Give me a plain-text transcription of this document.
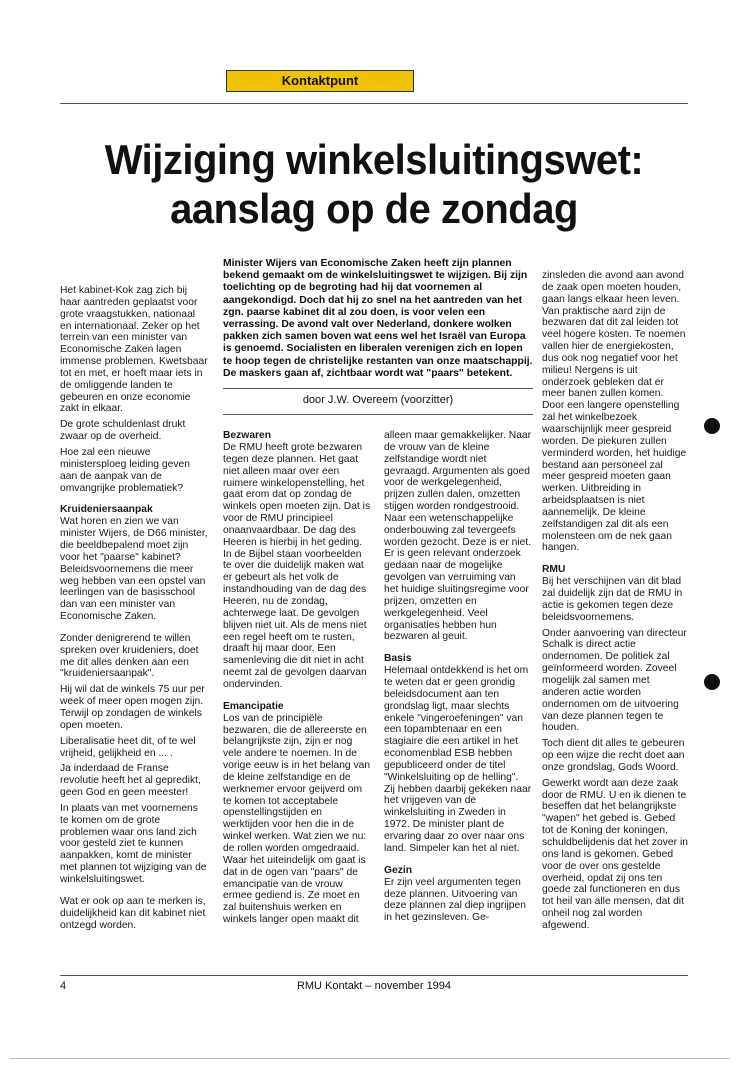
Kontaktpunt
Wijziging winkelsluitingswet:
aanslag op de zondag
Minister Wijers van Economische Zaken heeft zijn plannen bekend gemaakt om de winkelsluitingswet te wijzigen. Bij zijn toelichting op de begroting had hij dat voornemen al aangekondigd. Doch dat hij zo snel na het aantreden van het zgn. paarse kabinet dit al zou doen, is voor velen een verrassing. De avond valt over Nederland, donkere wolken pakken zich samen boven wat eens wel het Israël van Europa is genoemd. Socialisten en liberalen verenigen zich en lopen te hoop tegen de christelijke restanten van onze maatschappij. De maskers gaan af, zichtbaar wordt wat "paars" betekent.
door J.W. Overeem (voorzitter)

Het kabinet-Kok zag zich bij haar aantreden geplaatst voor grote vraagstukken, nationaal en internationaal. Zeker op het terrein van een minister van Economische Zaken lagen immense problemen. Kwetsbaar tot en met, er hoeft maar iets in de omliggende landen te gebeuren en onze economie zakt in elkaar.

De grote schuldenlast drukt zwaar op de overheid.

Hoe zal een nieuwe ministersploeg leiding geven aan de aanpak van de omvangrijke problematiek?

Kruideniersaanpak

Wat horen en zien we van minister Wijers, de D66 minister, die beeldbepalend moet zijn voor het "paarse" kabinet? Beleidsvoornemens die meer weg hebben van een opstel van leerlingen van de basisschool dan van een minister van Economische Zaken.

Zonder denigrerend te willen spreken over kruideniers, doet me dit alles denken aan een "kruideniersaanpak".

Hij wil dat de winkels 75 uur per week of meer open mogen zijn. Terwijl op zondagen de winkels open moeten.

Liberalisatie heet dit, of te wel vrijheid, gelijkheid en ... .

Ja inderdaad de Franse revolutie heeft het al gepredikt, geen God en geen meester!

In plaats van met voornemens te komen om de grote problemen waar ons land zich voor gesteld ziet te kunnen aanpakken, komt de minister met plannen tot wijziging van de winkelsluitingswet.

Wat er ook op aan te merken is, duidelijkheid kan dit kabinet niet ontzegd worden.

Bezwaren

De RMU heeft grote bezwaren tegen deze plannen. Het gaat niet alleen maar over een ruimere winkelopenstelling, het gaat erom dat op zondag de winkels open moeten zijn. Dat is voor de RMU principieel onaanvaardbaar. De dag des Heeren is hierbij in het geding. In de Bijbel staan voorbeelden te over die duidelijk maken wat er gebeurt als het volk de instandhouding van de dag des Heeren, nu de zondag, achterwege laat. De gevolgen blijven niet uit. Als de mens niet een regel heeft om te rusten, draaft hij maar door. Een samenleving die dit niet in acht neemt zal de gevolgen daarvan ondervinden.

Emancipatie

Los van de principiële bezwaren, die de allereerste en belangrijkste zijn, zijn er nog vele andere te noemen. In de vorige eeuw is in het belang van de kleine zelfstandige en de werknemer ervoor geijverd om te komen tot acceptabele openstellingstijden en werktijden voor hen die in de winkel werken. Wat zien we nu: de rollen worden omgedraaid. Waar het uiteindelijk om gaat is dat in de ogen van "paars" de emancipatie van de vrouw ermee gediend is. Ze moet en zal buitenshuis werken en winkels langer open maakt dit

alleen maar gemakkelijker. Naar de vrouw van de kleine zelfstandige wordt niet gevraagd. Argumenten als goed voor de werkgelegenheid, prijzen zullen dalen, omzetten stijgen worden rondgestrooid. Naar een wetenschappelijke onderbouwing zal tevergeefs worden gezocht. Deze is er niet. Er is geen relevant onderzoek gedaan naar de mogelijke gevolgen van verruiming van het huidige sluitingsregime voor prijzen, omzetten en werkgelegenheid. Veel organisaties hebben hun bezwaren al geuit.

Basis

Helemaal ontdekkend is het om te weten dat er geen grondig beleidsdocument aan ten grondslag ligt, maar slechts enkele "vingeroefeningen" van een topambtenaar en een stagiaire die een artikel in het economenblad ESB hebben gepubliceerd onder de titel "Winkelsluiting op de helling". Zij hebben daarbij gekeken naar het vrijgeven van de winkelsluiting in Zweden in 1972. De minister plant de ervaring daar zo over naar ons land. Simpeler kan het al niet.

Gezin

Er zijn veel argumenten tegen deze plannen. Uitvoering van deze plannen zal diep ingrijpen in het gezinsleven. Ge-

zinsleden die avond aan avond de zaak open moeten houden, gaan langs elkaar heen leven. Van praktische aard zijn de bezwaren dat dit zal leiden tot veel hogere kosten. Te noemen vallen hier de energiekosten, dus ook nog negatief voor het milieu! Nergens is uit onderzoek gebleken dat er meer banen zullen komen. Door een langere openstelling zal het winkelbezoek waarschijnlijk meer gespreid worden. De piekuren zullen verminderd worden, het huidige bestand aan personeel zal meer gespreid moeten gaan werken. Uitbreiding in arbeidsplaatsen is niet aannemelijk. De kleine zelfstandigen zal dit als een molensteen om de nek gaan hangen.

RMU

Bij het verschijnen van dit blad zal duidelijk zijn dat de RMU in actie is gekomen tegen deze beleidsvoornemens.

Onder aanvoering van directeur Schalk is direct actie ondernomen. De politiek zal geïnformeerd worden. Zoveel mogelijk zal samen met anderen actie worden ondernomen om de uitvoering van deze plannen tegen te houden.

Toch dient dit alles te gebeuren op een wijze die recht doet aan onze grondslag, Gods Woord.

Gewerkt wordt aan deze zaak door de RMU. U en ik dienen te beseffen dat het belangrijkste "wapen" het gebed is. Gebed tot de Koning der koningen, schuldbelijdenis dat het zover in ons land is gekomen. Gebed voor de over ons gestelde overheid, opdat zij ons ten goede zal functioneren en dus tot heil van alle mensen, dat dit onheil nog zal worden afgewend.

4	RMU Kontakt – november 1994
